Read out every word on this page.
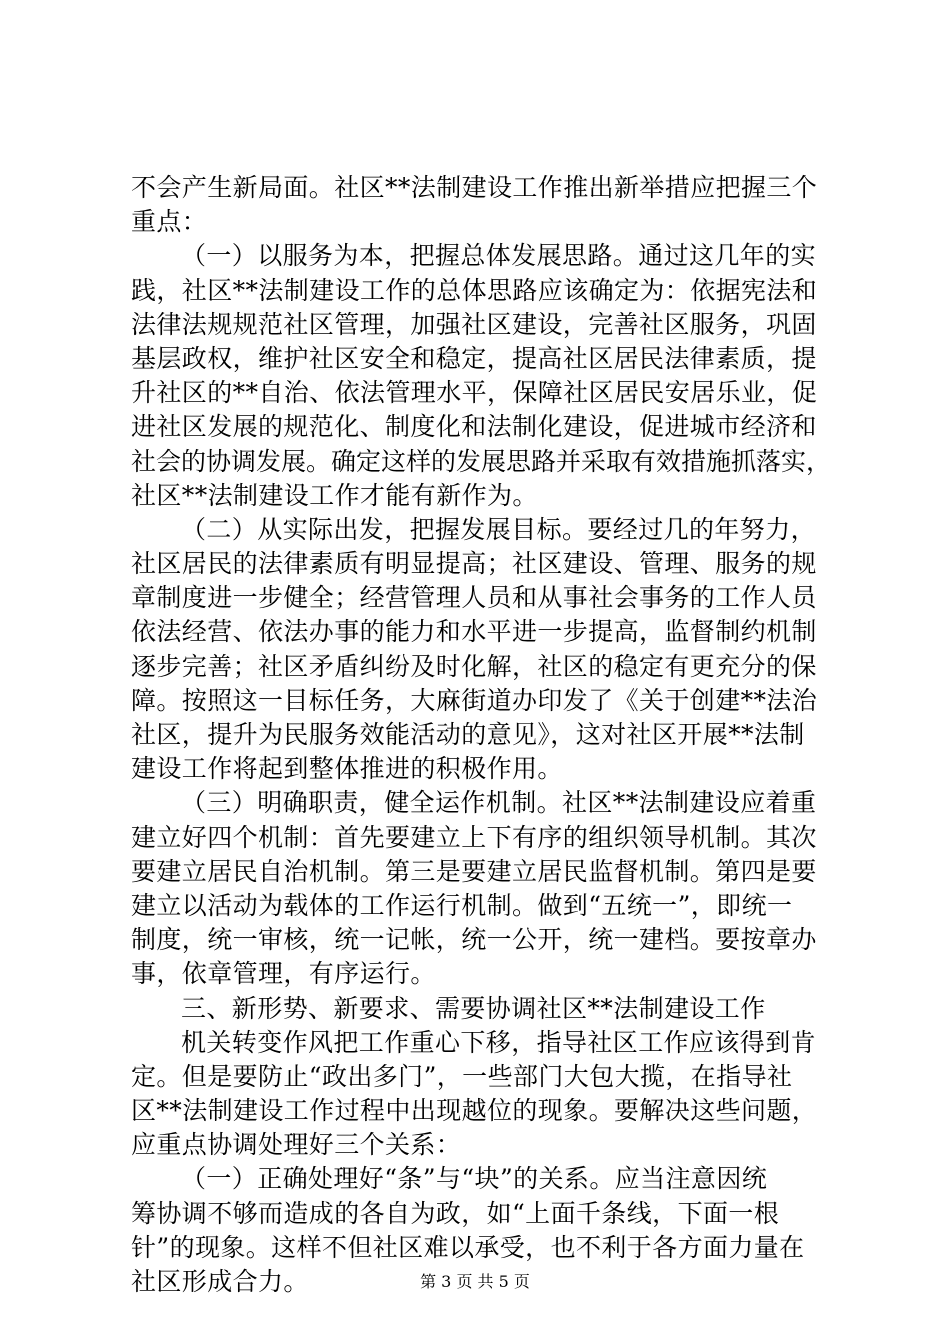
不会产生新局面。社区**法制建设工作推出新举措应把握三个
重点：
（一）以服务为本，把握总体发展思路。通过这几年的实
践，社区**法制建设工作的总体思路应该确定为：依据宪法和
法律法规规范社区管理，加强社区建设，完善社区服务，巩固
基层政权，维护社区安全和稳定，提高社区居民法律素质，提
升社区的**自治、依法管理水平，保障社区居民安居乐业，促
进社区发展的规范化、制度化和法制化建设，促进城市经济和
社会的协调发展。确定这样的发展思路并采取有效措施抓落实，
社区**法制建设工作才能有新作为。
（二）从实际出发，把握发展目标。要经过几的年努力，
社区居民的法律素质有明显提高；社区建设、管理、服务的规
章制度进一步健全；经营管理人员和从事社会事务的工作人员
依法经营、依法办事的能力和水平进一步提高，监督制约机制
逐步完善；社区矛盾纠纷及时化解，社区的稳定有更充分的保
障。按照这一目标任务，大麻街道办印发了《关于创建**法治
社区，提升为民服务效能活动的意见》，这对社区开展**法制
建设工作将起到整体推进的积极作用。
（三）明确职责，健全运作机制。社区**法制建设应着重
建立好四个机制：首先要建立上下有序的组织领导机制。其次
要建立居民自治机制。第三是要建立居民监督机制。第四是要
建立以活动为载体的工作运行机制。做到“五统一”，即统一
制度，统一审核，统一记帐，统一公开，统一建档。要按章办
事，依章管理，有序运行。
三、新形势、新要求、需要协调社区**法制建设工作
机关转变作风把工作重心下移，指导社区工作应该得到肯
定。但是要防止“政出多门”，一些部门大包大揽，在指导社
区**法制建设工作过程中出现越位的现象。要解决这些问题，
应重点协调处理好三个关系：
（一）正确处理好“条”与“块”的关系。应当注意因统
筹协调不够而造成的各自为政，如“上面千条线，下面一根
针”的现象。这样不但社区难以承受，也不利于各方面力量在
社区形成合力。	第 3 页 共 5 页
